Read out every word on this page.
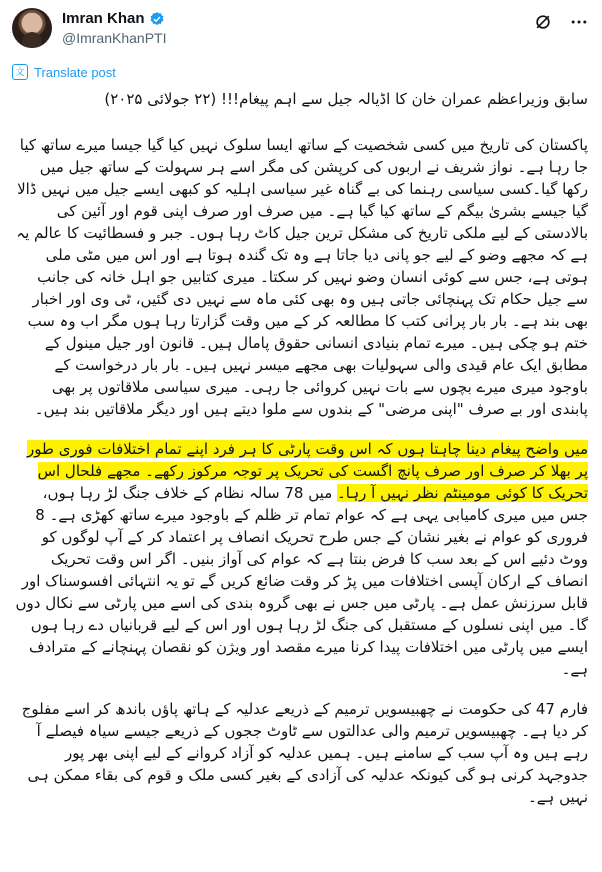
Imran Khan
@ImranKhanPTI
文 Translate post

سابق وزیراعظم عمران خان کا اڈیالہ جیل سے اہم پیغام!!! (۲۲ جولائی ۲۰۲۵)

پاکستان کی تاریخ میں کسی شخصیت کے ساتھ ایسا سلوک نہیں کیا گیا جیسا میرے ساتھ کیا جا رہا ہے۔ نواز شریف نے اربوں کی کرپشن کی مگر اسے ہر سہولت کے ساتھ جیل میں رکھا گیا۔کسی سیاسی رہنما کی بے گناہ غیر سیاسی اہلیہ کو کبھی ایسے جیل میں نہیں ڈالا گیا جیسے بشریٰ بیگم کے ساتھ کیا گیا ہے۔ میں صرف اور صرف اپنی قوم اور آئین کی بالادستی کے لیے ملکی تاریخ کی مشکل ترین جیل کاٹ رہا ہوں۔ جبر و فسطائیت کا عالم یہ ہے کہ مجھے وضو کے لیے جو پانی دیا جاتا ہے وہ تک گندہ ہوتا ہے اور اس میں مٹی ملی ہوتی ہے، جس سے کوئی انسان وضو نہیں کر سکتا۔ میری کتابیں جو اہل خانہ کی جانب سے جیل حکام تک پہنچائی جاتی ہیں وہ بھی کئی ماہ سے نہیں دی گئیں، ٹی وی اور اخبار بھی بند ہے۔ بار بار پرانی کتب کا مطالعہ کر کے میں وقت گزارتا رہا ہوں مگر اب وہ سب ختم ہو چکی ہیں۔ میرے تمام بنیادی انسانی حقوق پامال ہیں۔ قانون اور جیل مینول کے مطابق ایک عام قیدی والی سہولیات بھی مجھے میسر نہیں ہیں۔ بار بار درخواست کے باوجود میری میرے بچوں سے بات نہیں کروائی جا رہی۔ میری سیاسی ملاقاتوں پر بھی پابندی اور بے صرف "اپنی مرضی" کے بندوں سے ملوا دیتے ہیں اور دیگر ملاقاتیں بند ہیں۔

میں واضح پیغام دینا چاہتا ہوں کہ اس وقت پارٹی کا ہر فرد اپنے تمام اختلافات فوری طور پر بھلا کر صرف اور صرف پانچ اگست کی تحریک پر توجہ مرکوز رکھے۔ مجھے فلحال اس تحریک کا کوئی مومینٹم نظر نہیں آ رہا۔ میں 78 سالہ نظام کے خلاف جنگ لڑ رہا ہوں، جس میں میری کامیابی یہی ہے کہ عوام تمام تر ظلم کے باوجود میرے ساتھ کھڑی ہے۔ 8 فروری کو عوام نے بغیر نشان کے جس طرح تحریک انصاف پر اعتماد کر کے آپ لوگوں کو ووٹ دئیے اس کے بعد سب کا فرض بنتا ہے کہ عوام کی آواز بنیں۔ اگر اس وقت تحریک انصاف کے ارکان آپسی اختلافات میں پڑ کر وقت ضائع کریں گے تو یہ انتہائی افسوسناک اور قابل سرزنش عمل ہے۔ پارٹی میں جس نے بھی گروہ بندی کی اسے میں پارٹی سے نکال دوں گا۔ میں اپنی نسلوں کے مستقبل کی جنگ لڑ رہا ہوں اور اس کے لیے قربانیاں دے رہا ہوں ایسے میں پارٹی میں اختلافات پیدا کرنا میرے مقصد اور ویژن کو نقصان پہنچانے کے مترادف ہے۔

فارم 47 کی حکومت نے چھبیسویں ترمیم کے ذریعے عدلیہ کے ہاتھ پاؤں باندھ کر اسے مفلوج کر دیا ہے۔ چھبیسویں ترمیم والی عدالتوں سے ٹاوٹ ججوں کے ذریعے جیسے سیاہ فیصلے آ رہے ہیں وہ آپ سب کے سامنے ہیں۔ ہمیں عدلیہ کو آزاد کروانے کے لیے اپنی بھر پور جدوجہد کرنی ہو گی کیونکہ عدلیہ کی آزادی کے بغیر کسی ملک و قوم کی بقاء ممکن ہی نہیں ہے۔
